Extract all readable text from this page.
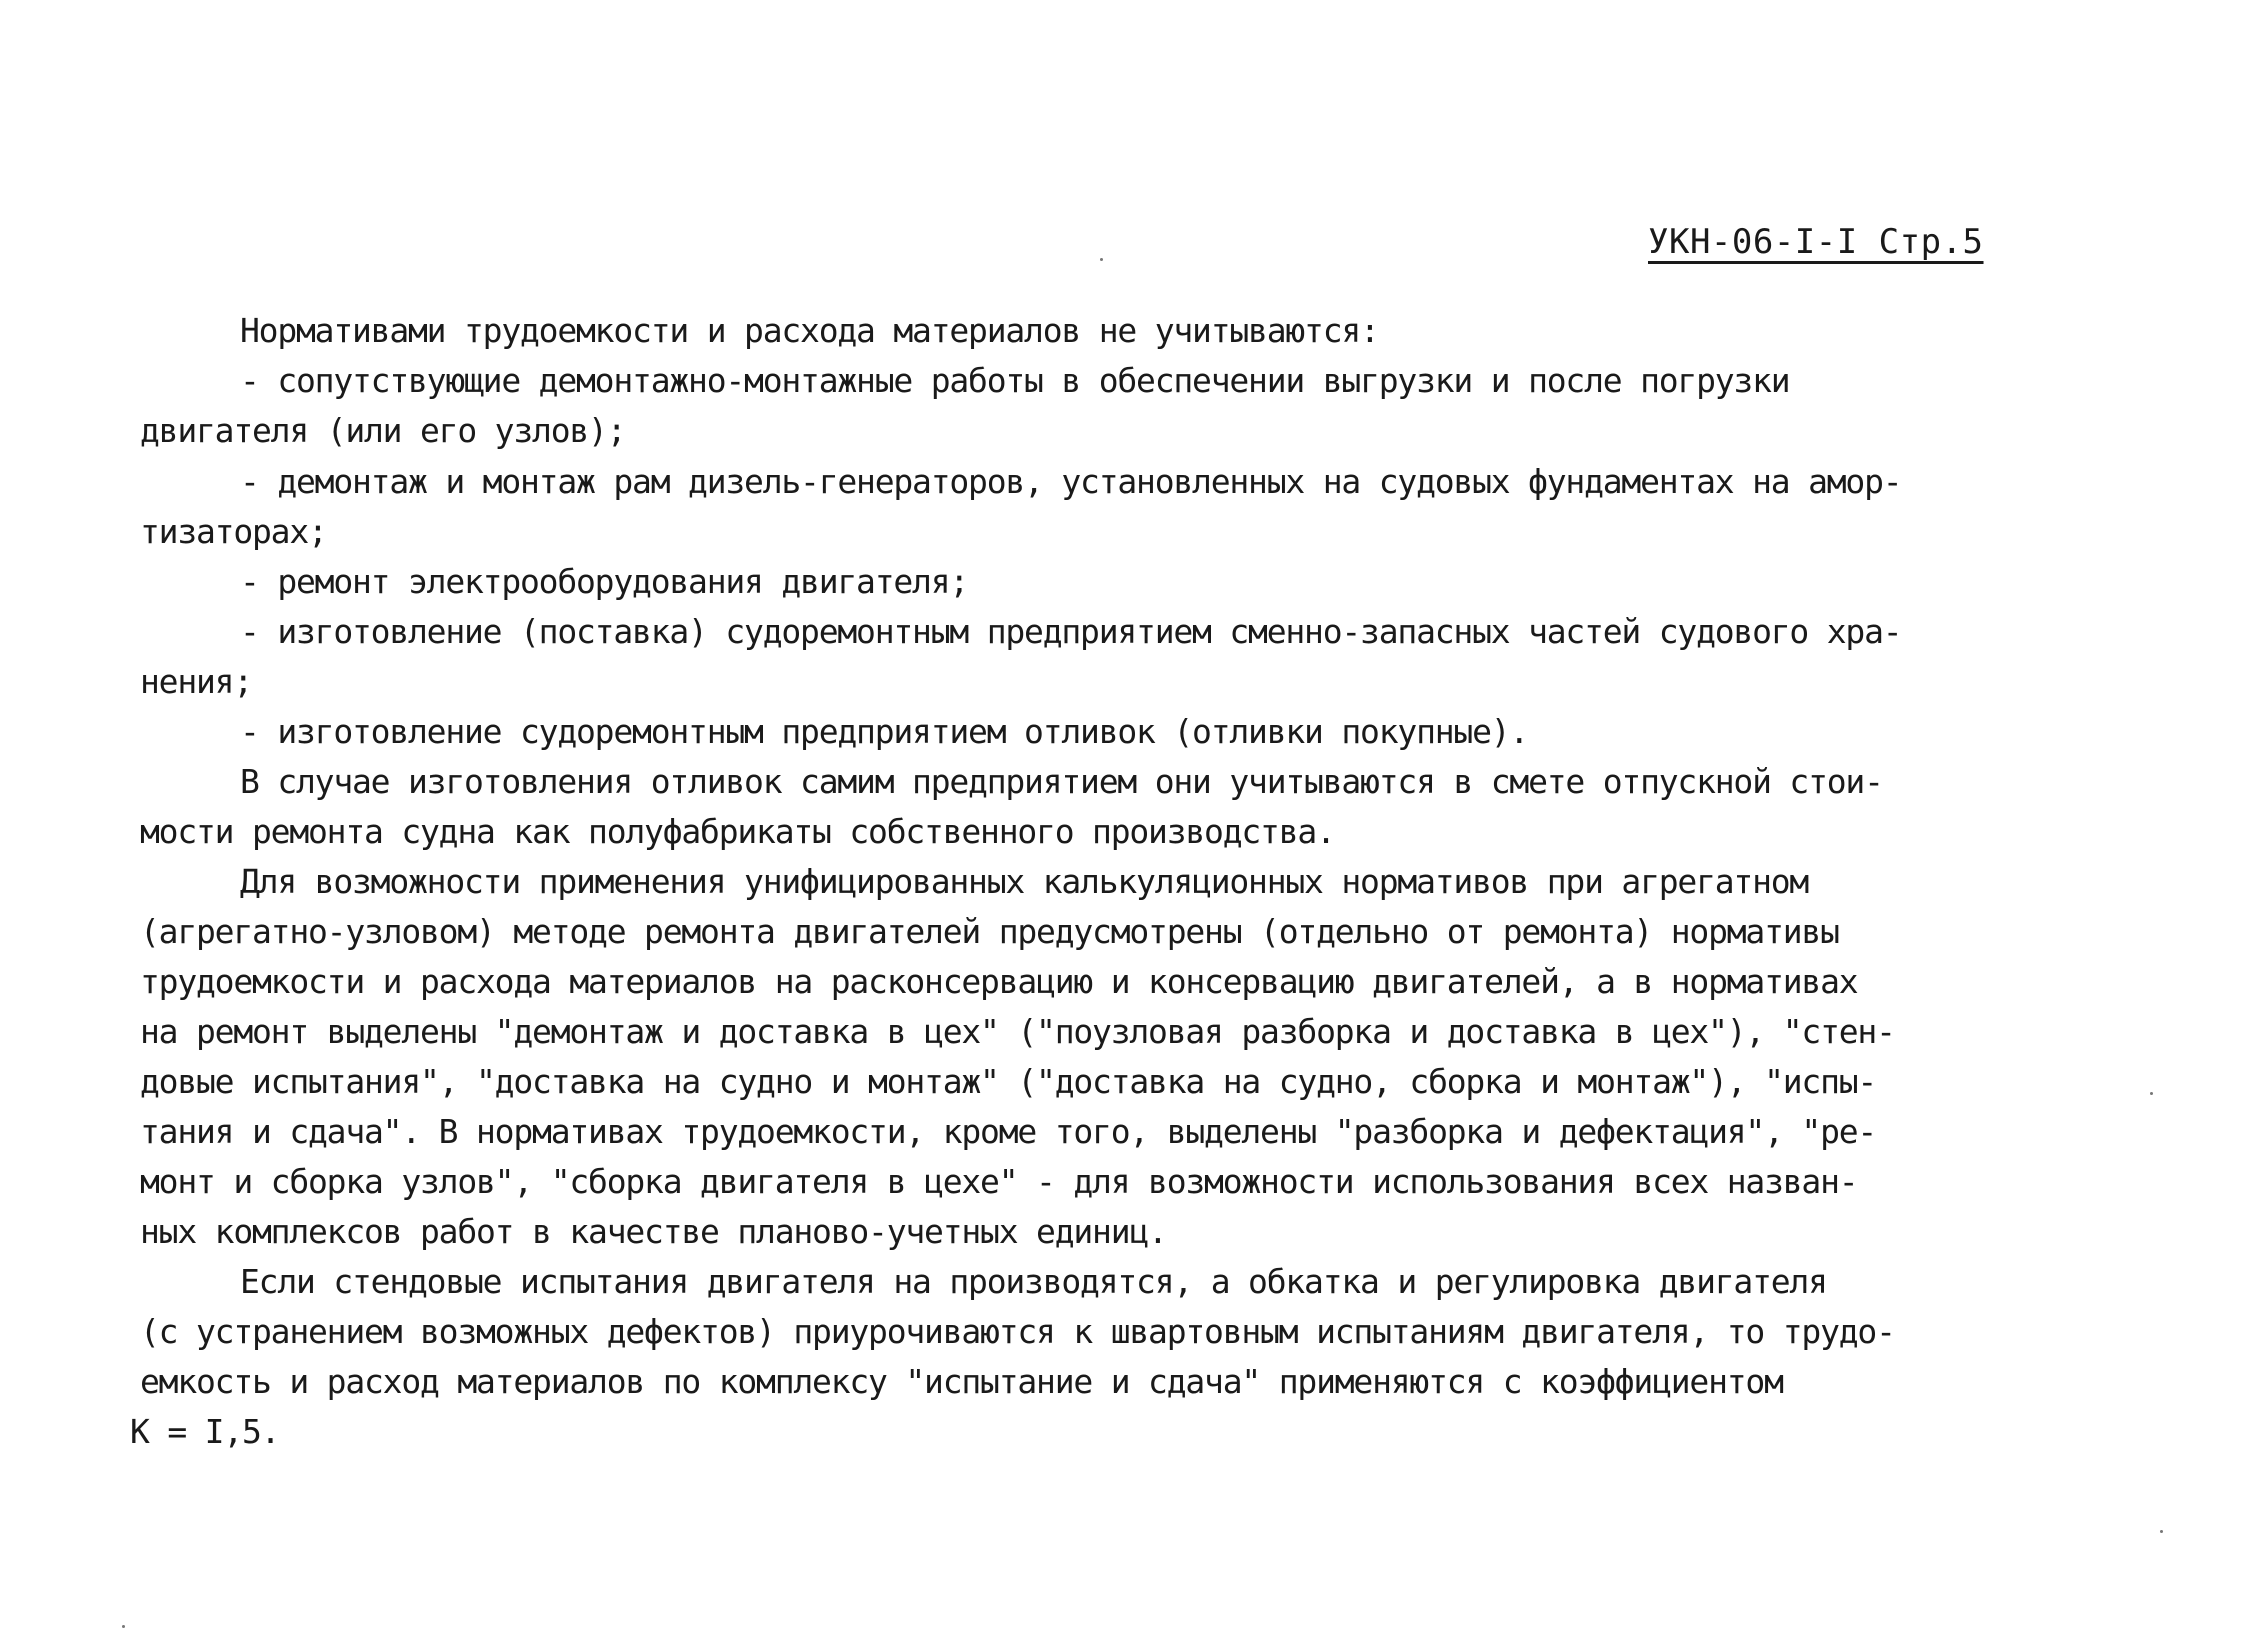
УКН-06-I-I Стр.5
Нормативами трудоемкости и расхода материалов не учитываются:
- сопутствующие демонтажно-монтажные работы в обеспечении выгрузки и после погрузки
двигателя (или его узлов);
- демонтаж и монтаж рам дизель-генераторов, установленных на судовых фундаментах на амор-
тизаторах;
- ремонт электрооборудования двигателя;
- изготовление (поставка) судоремонтным предприятием сменно-запасных частей судового хра-
нения;
- изготовление судоремонтным предприятием отливок (отливки покупные).
В случае изготовления отливок самим предприятием они учитываются в смете отпускной стои-
мости ремонта судна как полуфабрикаты собственного производства.
Для возможности применения унифицированных калькуляционных нормативов при агрегатном
(агрегатно-узловом) методе ремонта двигателей предусмотрены (отдельно от ремонта) нормативы
трудоемкости и расхода материалов на расконсервацию и консервацию двигателей, а в нормативах
на ремонт выделены "демонтаж и доставка в цех" ("поузловая разборка и доставка в цех"), "стен-
довые испытания", "доставка на судно и монтаж" ("доставка на судно, сборка и монтаж"), "испы-
тания и сдача". В нормативах трудоемкости, кроме того, выделены "разборка и дефектация", "ре-
монт и сборка узлов", "сборка двигателя в цехе" - для возможности использования всех назван-
ных комплексов работ в качестве планово-учетных единиц.
Если стендовые испытания двигателя на производятся, а обкатка и регулировка двигателя
(с устранением возможных дефектов) приурочиваются к швартовным испытаниям двигателя, то трудо-
емкость и расход материалов по комплексу "испытание и сдача" применяются с коэффициентом
К = I,5.
